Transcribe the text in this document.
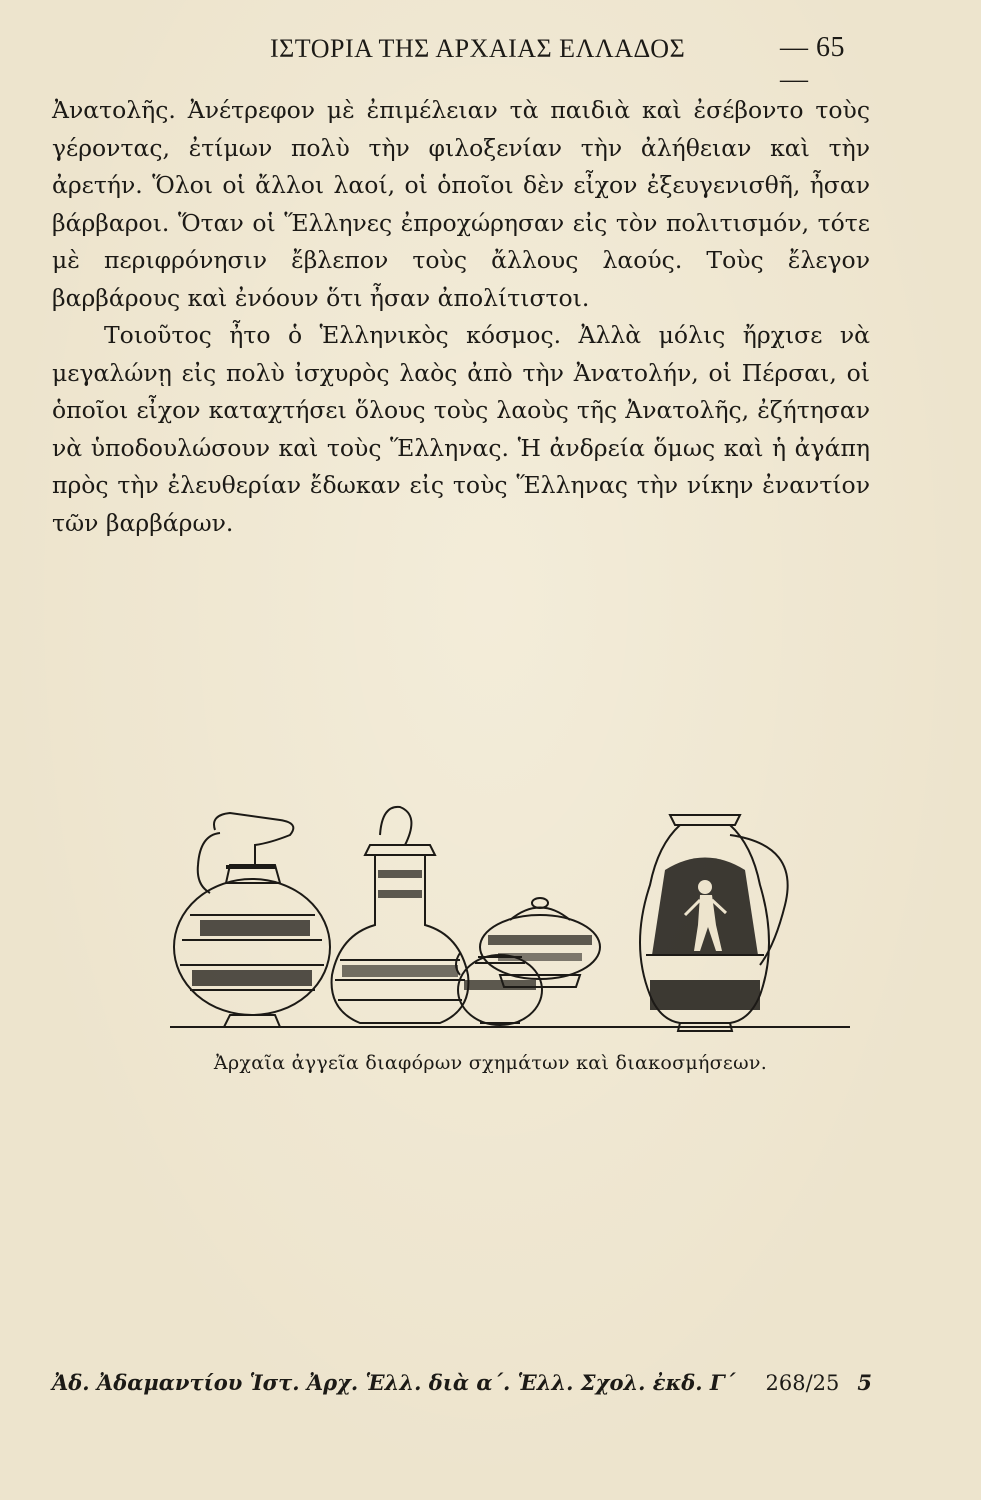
ΙΣΤΟΡΙΑ ΤΗΣ ΑΡΧΑΙΑΣ ΕΛΛΑΔΟΣ	— 65 —

Ἀνατολῆς. Ἀνέτρεφον μὲ ἐπιμέλειαν τὰ παιδιὰ καὶ ἐσέβοντο τοὺς γέροντας, ἐτίμων πολὺ τὴν φιλοξενίαν τὴν ἀλήθειαν καὶ τὴν ἀρετήν. Ὅλοι οἱ ἄλλοι λαοί, οἱ ὁποῖοι δὲν εἶχον ἐξευγενισθῆ, ἦσαν βάρβαροι. Ὅταν οἱ Ἕλληνες ἐπροχώρησαν εἰς τὸν πολιτισμόν, τότε μὲ περιφρόνησιν ἔβλεπον τοὺς ἄλλους λαούς. Τοὺς ἔλεγον βαρβάρους καὶ ἐνόουν ὅτι ἦσαν ἀπολίτιστοι.

Τοιοῦτος ἦτο ὁ Ἑλληνικὸς κόσμος. Ἀλλὰ μόλις ἤρχισε νὰ μεγαλώνῃ εἰς πολὺ ἰσχυρὸς λαὸς ἀπὸ τὴν Ἀνατολήν, οἱ Πέρσαι, οἱ ὁποῖοι εἶχον καταχτήσει ὅλους τοὺς λαοὺς τῆς Ἀνατολῆς, ἐζήτησαν νὰ ὑποδουλώσουν καὶ τοὺς Ἕλληνας. Ἡ ἀνδρεία ὅμως καὶ ἡ ἀγάπη πρὸς τὴν ἐλευθερίαν ἔδωκαν εἰς τοὺς Ἕλληνας τὴν νίκην ἐναντίον τῶν βαρβάρων.

Ἀρχαῖα ἀγγεῖα διαφόρων σχημάτων καὶ διακοσμήσεων.
Ἀδ. Ἀδαμαντίου Ἱστ. Ἀρχ. Ἑλλ. διὰ α΄. Ἑλλ. Σχολ. ἐκδ. Γ΄ 268/25 5
